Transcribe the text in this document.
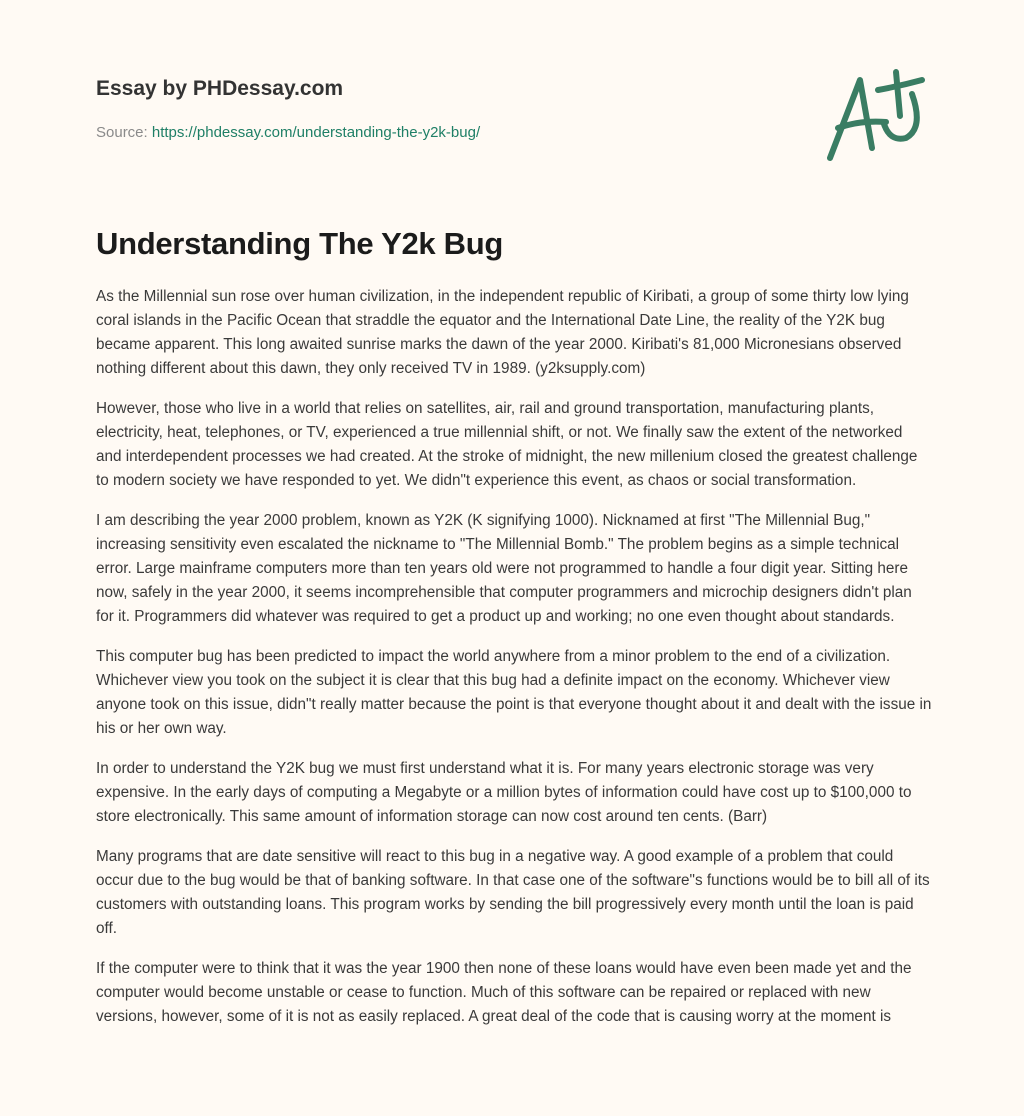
Essay by PHDessay.com
Source: https://phdessay.com/understanding-the-y2k-bug/
Understanding The Y2k Bug

As the Millennial sun rose over human civilization, in the independent republic of Kiribati, a group of some thirty low lying coral islands in the Pacific Ocean that straddle the equator and the International Date Line, the reality of the Y2K bug became apparent. This long awaited sunrise marks the dawn of the year 2000. Kiribati's 81,000 Micronesians observed nothing different about this dawn, they only received TV in 1989. (y2ksupply.com)

However, those who live in a world that relies on satellites, air, rail and ground transportation, manufacturing plants, electricity, heat, telephones, or TV, experienced a true millennial shift, or not. We finally saw the extent of the networked and interdependent processes we had created. At the stroke of midnight, the new millenium closed the greatest challenge to modern society we have responded to yet. We didn"t experience this event, as chaos or social transformation.

I am describing the year 2000 problem, known as Y2K (K signifying 1000). Nicknamed at first "The Millennial Bug," increasing sensitivity even escalated the nickname to "The Millennial Bomb." The problem begins as a simple technical error. Large mainframe computers more than ten years old were not programmed to handle a four digit year. Sitting here now, safely in the year 2000, it seems incomprehensible that computer programmers and microchip designers didn't plan for it. Programmers did whatever was required to get a product up and working; no one even thought about standards.

This computer bug has been predicted to impact the world anywhere from a minor problem to the end of a civilization. Whichever view you took on the subject it is clear that this bug had a definite impact on the economy. Whichever view anyone took on this issue, didn"t really matter because the point is that everyone thought about it and dealt with the issue in his or her own way.

In order to understand the Y2K bug we must first understand what it is. For many years electronic storage was very expensive. In the early days of computing a Megabyte or a million bytes of information could have cost up to $100,000 to store electronically. This same amount of information storage can now cost around ten cents. (Barr)

Many programs that are date sensitive will react to this bug in a negative way. A good example of a problem that could occur due to the bug would be that of banking software. In that case one of the software"s functions would be to bill all of its customers with outstanding loans. This program works by sending the bill progressively every month until the loan is paid off.

If the computer were to think that it was the year 1900 then none of these loans would have even been made yet and the computer would become unstable or cease to function. Much of this software can be repaired or replaced with new versions, however, some of it is not as easily replaced. A great deal of the code that is causing worry at the moment is
